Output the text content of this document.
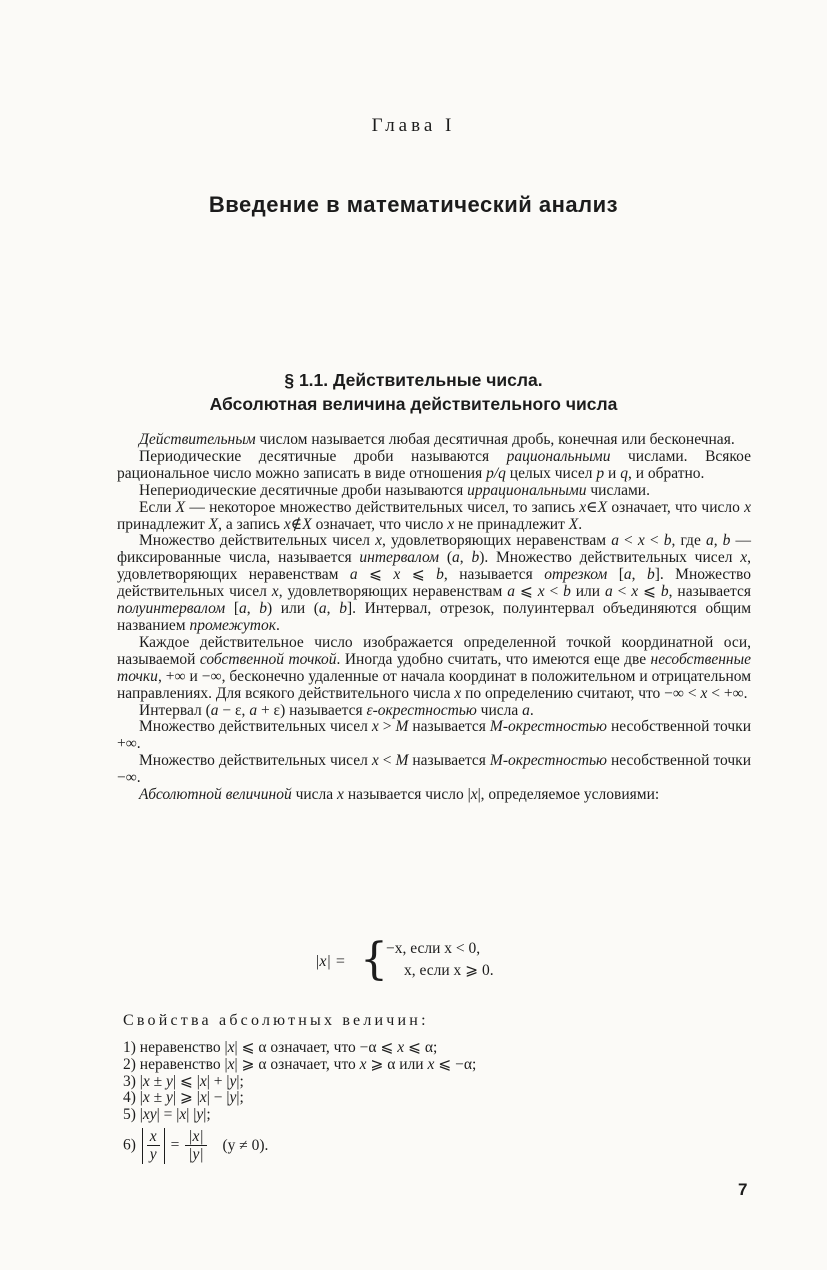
Глава I
Введение в математический анализ
§ 1.1. Действительные числа.
Абсолютная величина действительного числа

Действительным числом называется любая десятичная дробь, конечная или бесконечная.

Периодические десятичные дроби называются рациональными числами. Всякое рациональное число можно записать в виде отношения p/q целых чисел p и q, и обратно.

Непериодические десятичные дроби называются иррациональными числами.

Если X — некоторое множество действительных чисел, то запись x∈X означает, что число x принадлежит X, а запись x∉X означает, что число x не принадлежит X.

Множество действительных чисел x, удовлетворяющих неравенствам a < x < b, где a, b — фиксированные числа, называется интервалом (a, b). Множество действительных чисел x, удовлетворяющих неравенствам a ⩽ x ⩽ b, называется отрезком [a, b]. Множество действительных чисел x, удовлетворяющих неравенствам a ⩽ x < b или a < x ⩽ b, называется полуинтервалом [a, b) или (a, b]. Интервал, отрезок, полуинтервал объединяются общим названием промежуток.

Каждое действительное число изображается определенной точкой координатной оси, называемой собственной точкой. Иногда удобно считать, что имеются еще две несобственные точки, +∞ и −∞, бесконечно удаленные от начала координат в положительном и отрицательном направлениях. Для всякого действительного числа x по определению считают, что −∞ < x < +∞.

Интервал (a − ε, a + ε) называется ε-окрестностью числа a.

Множество действительных чисел x > M называется M-окрестностью несобственной точки +∞.

Множество действительных чисел x < M называется M-окрестностью несобственной точки −∞.

Абсолютной величиной числа x называется число |x|, определяемое условиями:

|x| = {
−x, если x < 0,
x, если x ⩾ 0.
Свойства абсолютных величин:
1) неравенство |x| ⩽ α означает, что −α ⩽ x ⩽ α;
2) неравенство |x| ⩾ α означает, что x ⩾ α или x ⩽ −α;
3) |x ± y| ⩽ |x| + |y|;
4) |x ± y| ⩾ |x| − |y|;
5) |xy| = |x| |y|;
$6) \frac{x}{y} = \frac{|x|}{|y|} (y \ne 0)$.
7
